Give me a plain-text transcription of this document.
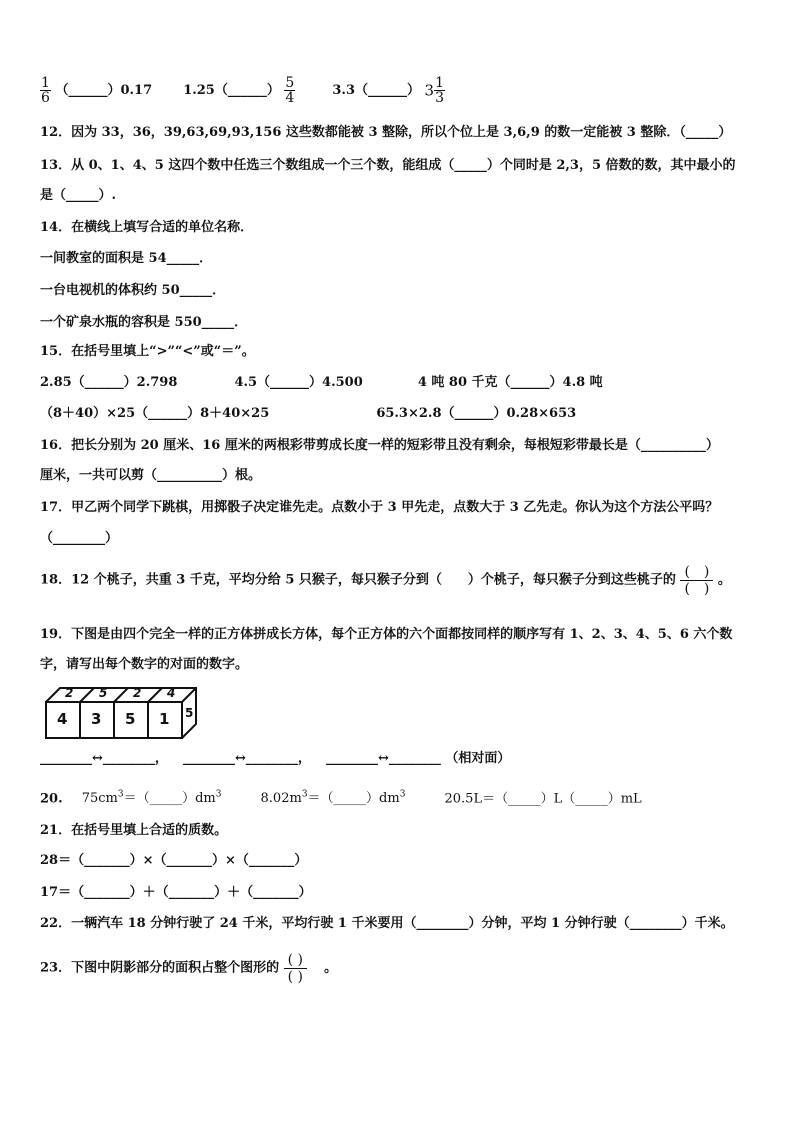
$\frac{1}{6}$ （______）0.17 1.25（______） $\frac{5}{4}$	3.3（______） $3 \frac{1}{3}$
12．因为 33，36，39,63,69,93,156 这些数都能被 3 整除，所以个位上是 3,6,9 的数一定能被 3 整除．（_____）
13．从 0、1、4、5 这四个数中任选三个数组成一个三个数，能组成（_____）个同时是 2,3，5 倍数的数，其中最小的
是（_____）.
14．在横线上填写合适的单位名称．
一间教室的面积是 54_____．
一台电视机的体积约 50_____．
一个矿泉水瓶的容积是 550_____．
15．在括号里填上“>”“<”或“＝”。
2.85（______）2.798	4.5（______）4.500	4 吨 80 千克（______）4.8 吨
（8＋40）×25（______）8＋40×25	65.3×2.8（______）0.28×653
16．把长分别为 20 厘米、16 厘米的两根彩带剪成长度一样的短彩带且没有剩余，每根短彩带最长是（__________）
厘米，一共可以剪（__________）根。
17．甲乙两个同学下跳棋，用掷骰子决定谁先走。点数小于 3 甲先走，点数大于 3 乙先走。你认为这个方法公平吗？
（________）
18．12 个桃子，共重 3 千克，平均分给 5 只猴子，每只猴子分到（　　）个桃子，每只猴子分到这些桃子的 $\frac{( )}{( )}$ 。
19．下图是由四个完全一样的正方体拼成长方体，每个正方体的六个面都按同样的顺序写有 1、2、3、4、5、6 六个数
字，请写出每个数字的对面的数字。
4 3 5 1
2 5 2 4
5
________↔________， ________↔________， ________↔________ （相对面）
20. $75cm^3=(\_\_\_\_\_)dm^3$	$8.02m^3=(\_\_\_\_\_)dm^3$	20.5L＝（_____）L（_____）mL
21．在括号里填上合适的质数。
28＝（_______）×（_______）×（_______）
17＝（_______）＋（_______）＋（_______）
22．一辆汽车 18 分钟行驶了 24 千米，平均行驶 1 千米要用（________）分钟，平均 1 分钟行驶（________）千米。
23．下图中阴影部分的面积占整个图形的 $\frac{( )}{( )}$ 。
